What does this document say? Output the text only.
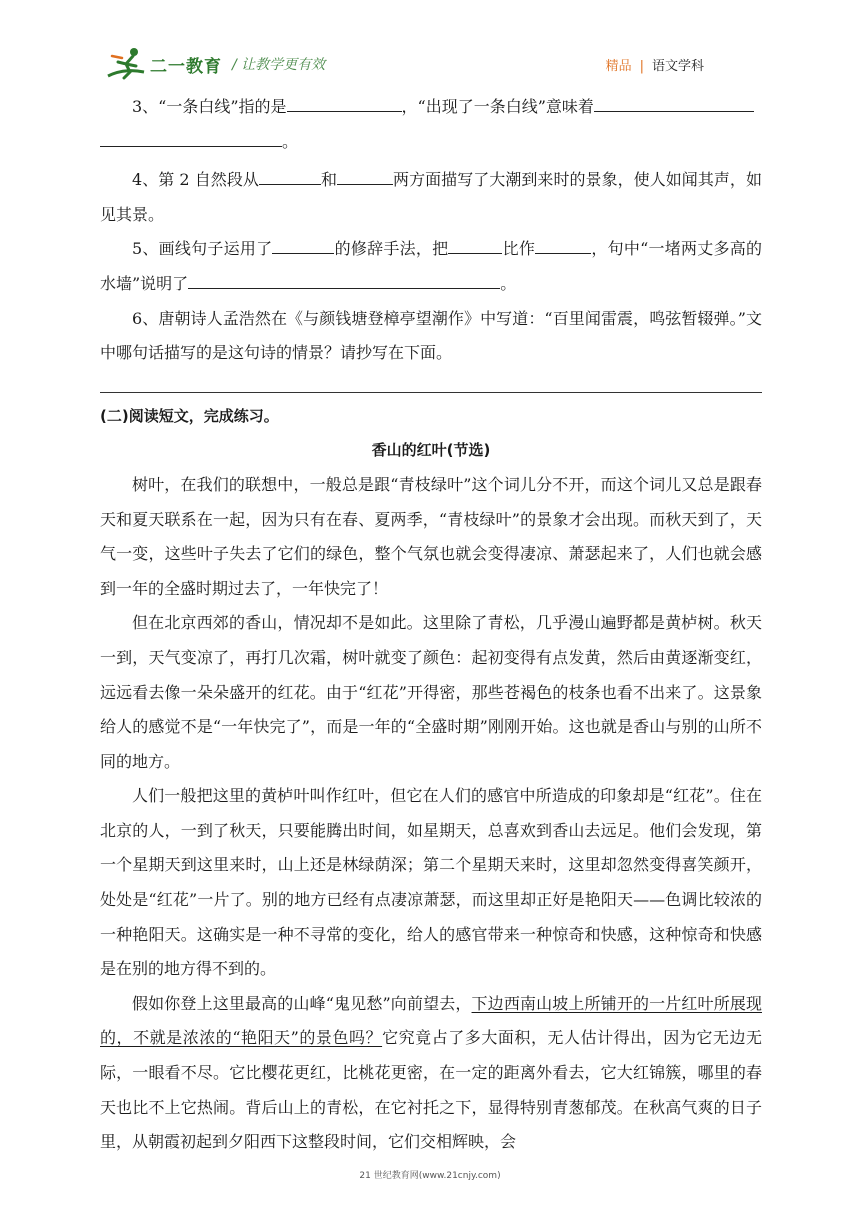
二一教育 / 让教学更有效	精品 | 语文学科

3、“一条白线”指的是	，“出现了一条白线”意味着

。

4、第 2 自然段从	和	两方面描写了大潮到来时的景象，使人如闻其声，如见其景。

5、画线句子运用了	的修辞手法，把	比作	，句中“一堵两丈多高的水墙”说明了	。

6、唐朝诗人孟浩然在《与颜钱塘登樟亭望潮作》中写道：“百里闻雷震，鸣弦暂辍弹。”文中哪句话描写的是这句诗的情景？请抄写在下面。

(二)阅读短文，完成练习。

香山的红叶(节选)

树叶，在我们的联想中，一般总是跟“青枝绿叶”这个词儿分不开，而这个词儿又总是跟春天和夏天联系在一起，因为只有在春、夏两季，“青枝绿叶”的景象才会出现。而秋天到了，天气一变，这些叶子失去了它们的绿色，整个气氛也就会变得凄凉、萧瑟起来了，人们也就会感到一年的全盛时期过去了，一年快完了！

但在北京西郊的香山，情况却不是如此。这里除了青松，几乎漫山遍野都是黄栌树。秋天一到，天气变凉了，再打几次霜，树叶就变了颜色：起初变得有点发黄，然后由黄逐渐变红，远远看去像一朵朵盛开的红花。由于“红花”开得密，那些苍褐色的枝条也看不出来了。这景象给人的感觉不是“一年快完了”，而是一年的“全盛时期”刚刚开始。这也就是香山与别的山所不同的地方。

人们一般把这里的黄栌叶叫作红叶，但它在人们的感官中所造成的印象却是“红花”。住在北京的人，一到了秋天，只要能腾出时间，如星期天，总喜欢到香山去远足。他们会发现，第一个星期天到这里来时，山上还是林绿荫深；第二个星期天来时，这里却忽然变得喜笑颜开，处处是“红花”一片了。别的地方已经有点凄凉萧瑟，而这里却正好是艳阳天——色调比较浓的一种艳阳天。这确实是一种不寻常的变化，给人的感官带来一种惊奇和快感，这种惊奇和快感是在别的地方得不到的。

假如你登上这里最高的山峰“鬼见愁”向前望去，下边西南山坡上所铺开的一片红叶所展现的，不就是浓浓的“艳阳天”的景色吗？它究竟占了多大面积，无人估计得出，因为它无边无际，一眼看不尽。它比樱花更红，比桃花更密，在一定的距离外看去，它大红锦簇，哪里的春天也比不上它热闹。背后山上的青松，在它衬托之下，显得特别青葱郁茂。在秋高气爽的日子里，从朝霞初起到夕阳西下这整段时间，它们交相辉映，会

21 世纪教育网(www.21cnjy.com)
